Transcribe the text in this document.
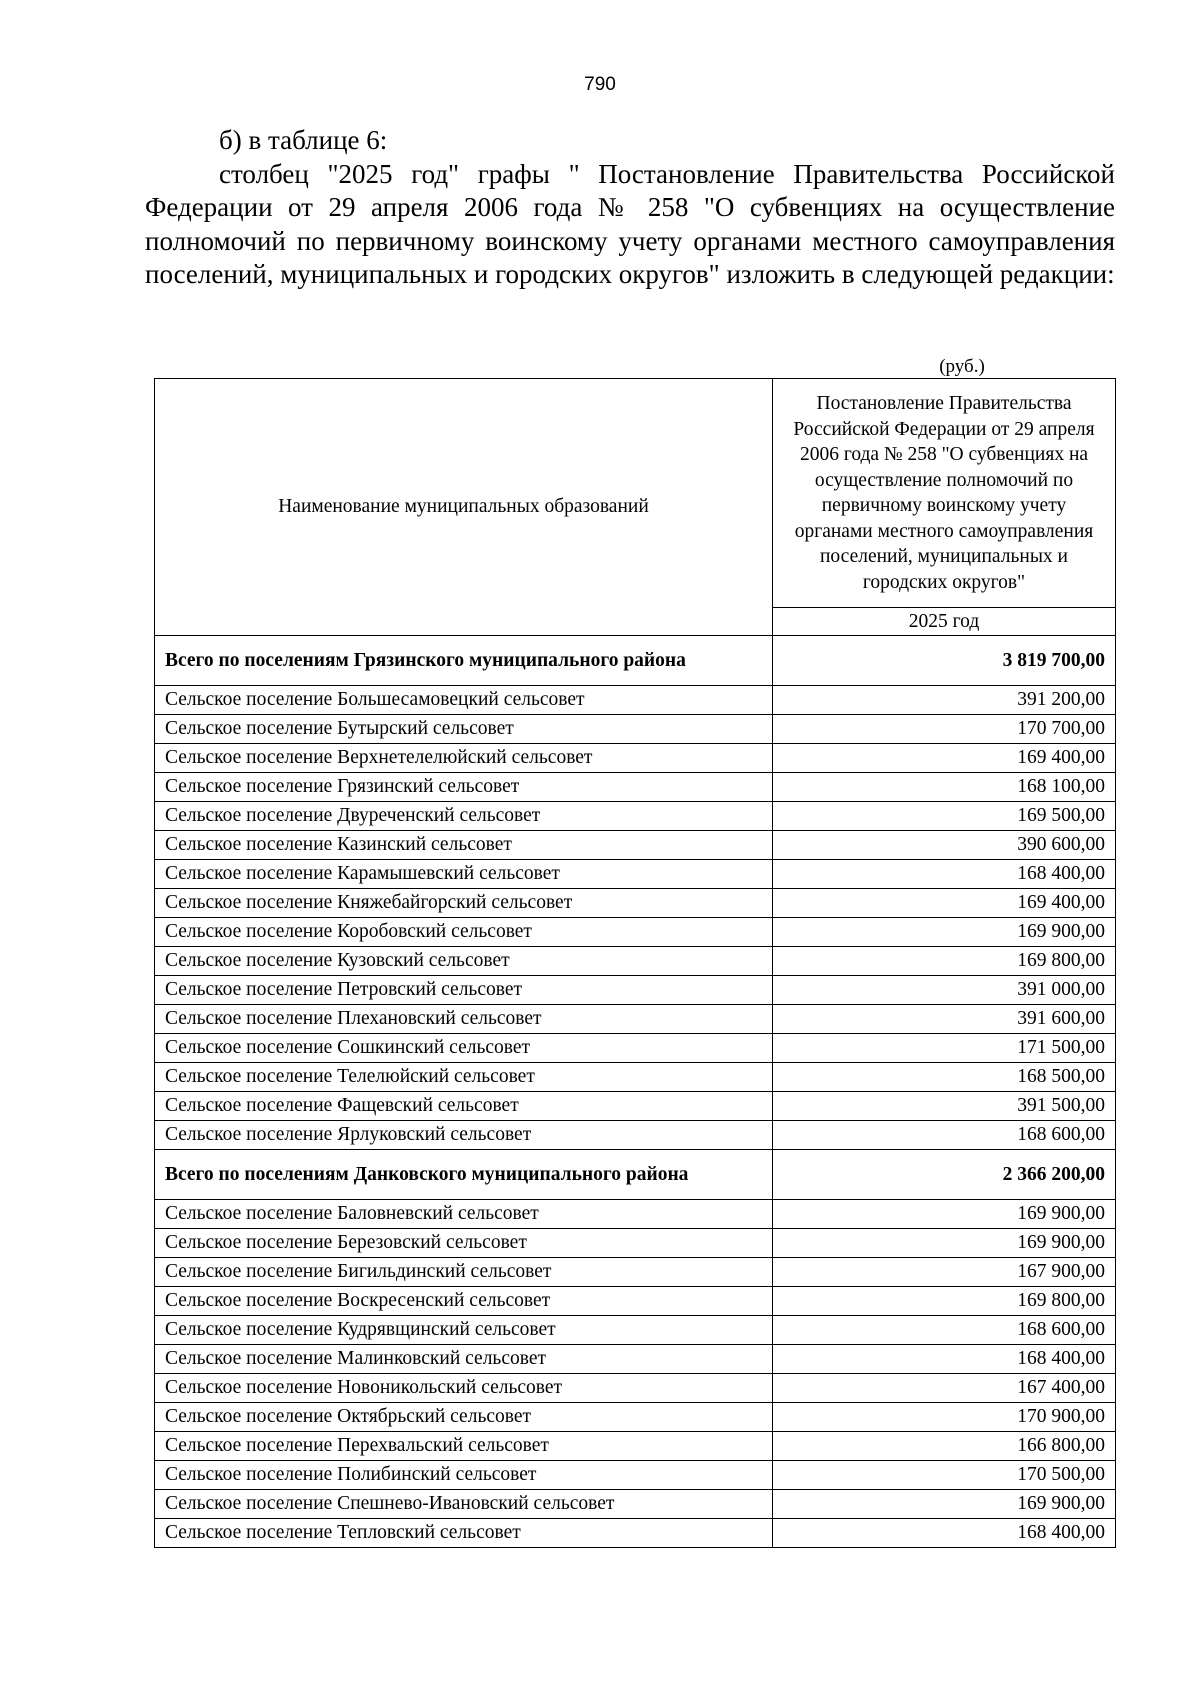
790

б) в таблице 6:

столбец "2025 год" графы " Постановление Правительства Российской Федерации от 29 апреля 2006 года № 258 "О субвенциях на осуществление полномочий по первичному воинскому учету органами местного самоуправления поселений, муниципальных и городских округов" изложить в следующей редакции:

(руб.)
Наименование муниципальных образований	Постановление Правительства Российской Федерации от 29 апреля 2006 года № 258 "О субвенциях на осуществление полномочий по первичному воинскому учету органами местного самоуправления поселений, муниципальных и городских округов"
	2025 год
Всего по поселениям Грязинского муниципального района	3 819 700,00
Сельское поселение Большесамовецкий сельсовет	391 200,00
Сельское поселение Бутырский сельсовет	170 700,00
Сельское поселение Верхнетелелюйский сельсовет	169 400,00
Сельское поселение Грязинский сельсовет	168 100,00
Сельское поселение Двуреченский сельсовет	169 500,00
Сельское поселение Казинский сельсовет	390 600,00
Сельское поселение Карамышевский сельсовет	168 400,00
Сельское поселение Княжебайгорский сельсовет	169 400,00
Сельское поселение Коробовский сельсовет	169 900,00
Сельское поселение Кузовский сельсовет	169 800,00
Сельское поселение Петровский сельсовет	391 000,00
Сельское поселение Плехановский сельсовет	391 600,00
Сельское поселение Сошкинский сельсовет	171 500,00
Сельское поселение Телелюйский сельсовет	168 500,00
Сельское поселение Фащевский сельсовет	391 500,00
Сельское поселение Ярлуковский сельсовет	168 600,00
Всего по поселениям Данковского муниципального района	2 366 200,00
Сельское поселение Баловневский сельсовет	169 900,00
Сельское поселение Березовский сельсовет	169 900,00
Сельское поселение Бигильдинский сельсовет	167 900,00
Сельское поселение Воскресенский сельсовет	169 800,00
Сельское поселение Кудрявщинский сельсовет	168 600,00
Сельское поселение Малинковский сельсовет	168 400,00
Сельское поселение Новоникольский сельсовет	167 400,00
Сельское поселение Октябрьский сельсовет	170 900,00
Сельское поселение Перехвальский сельсовет	166 800,00
Сельское поселение Полибинский сельсовет	170 500,00
Сельское поселение Спешнево-Ивановский сельсовет	169 900,00
Сельское поселение Тепловский сельсовет	168 400,00
